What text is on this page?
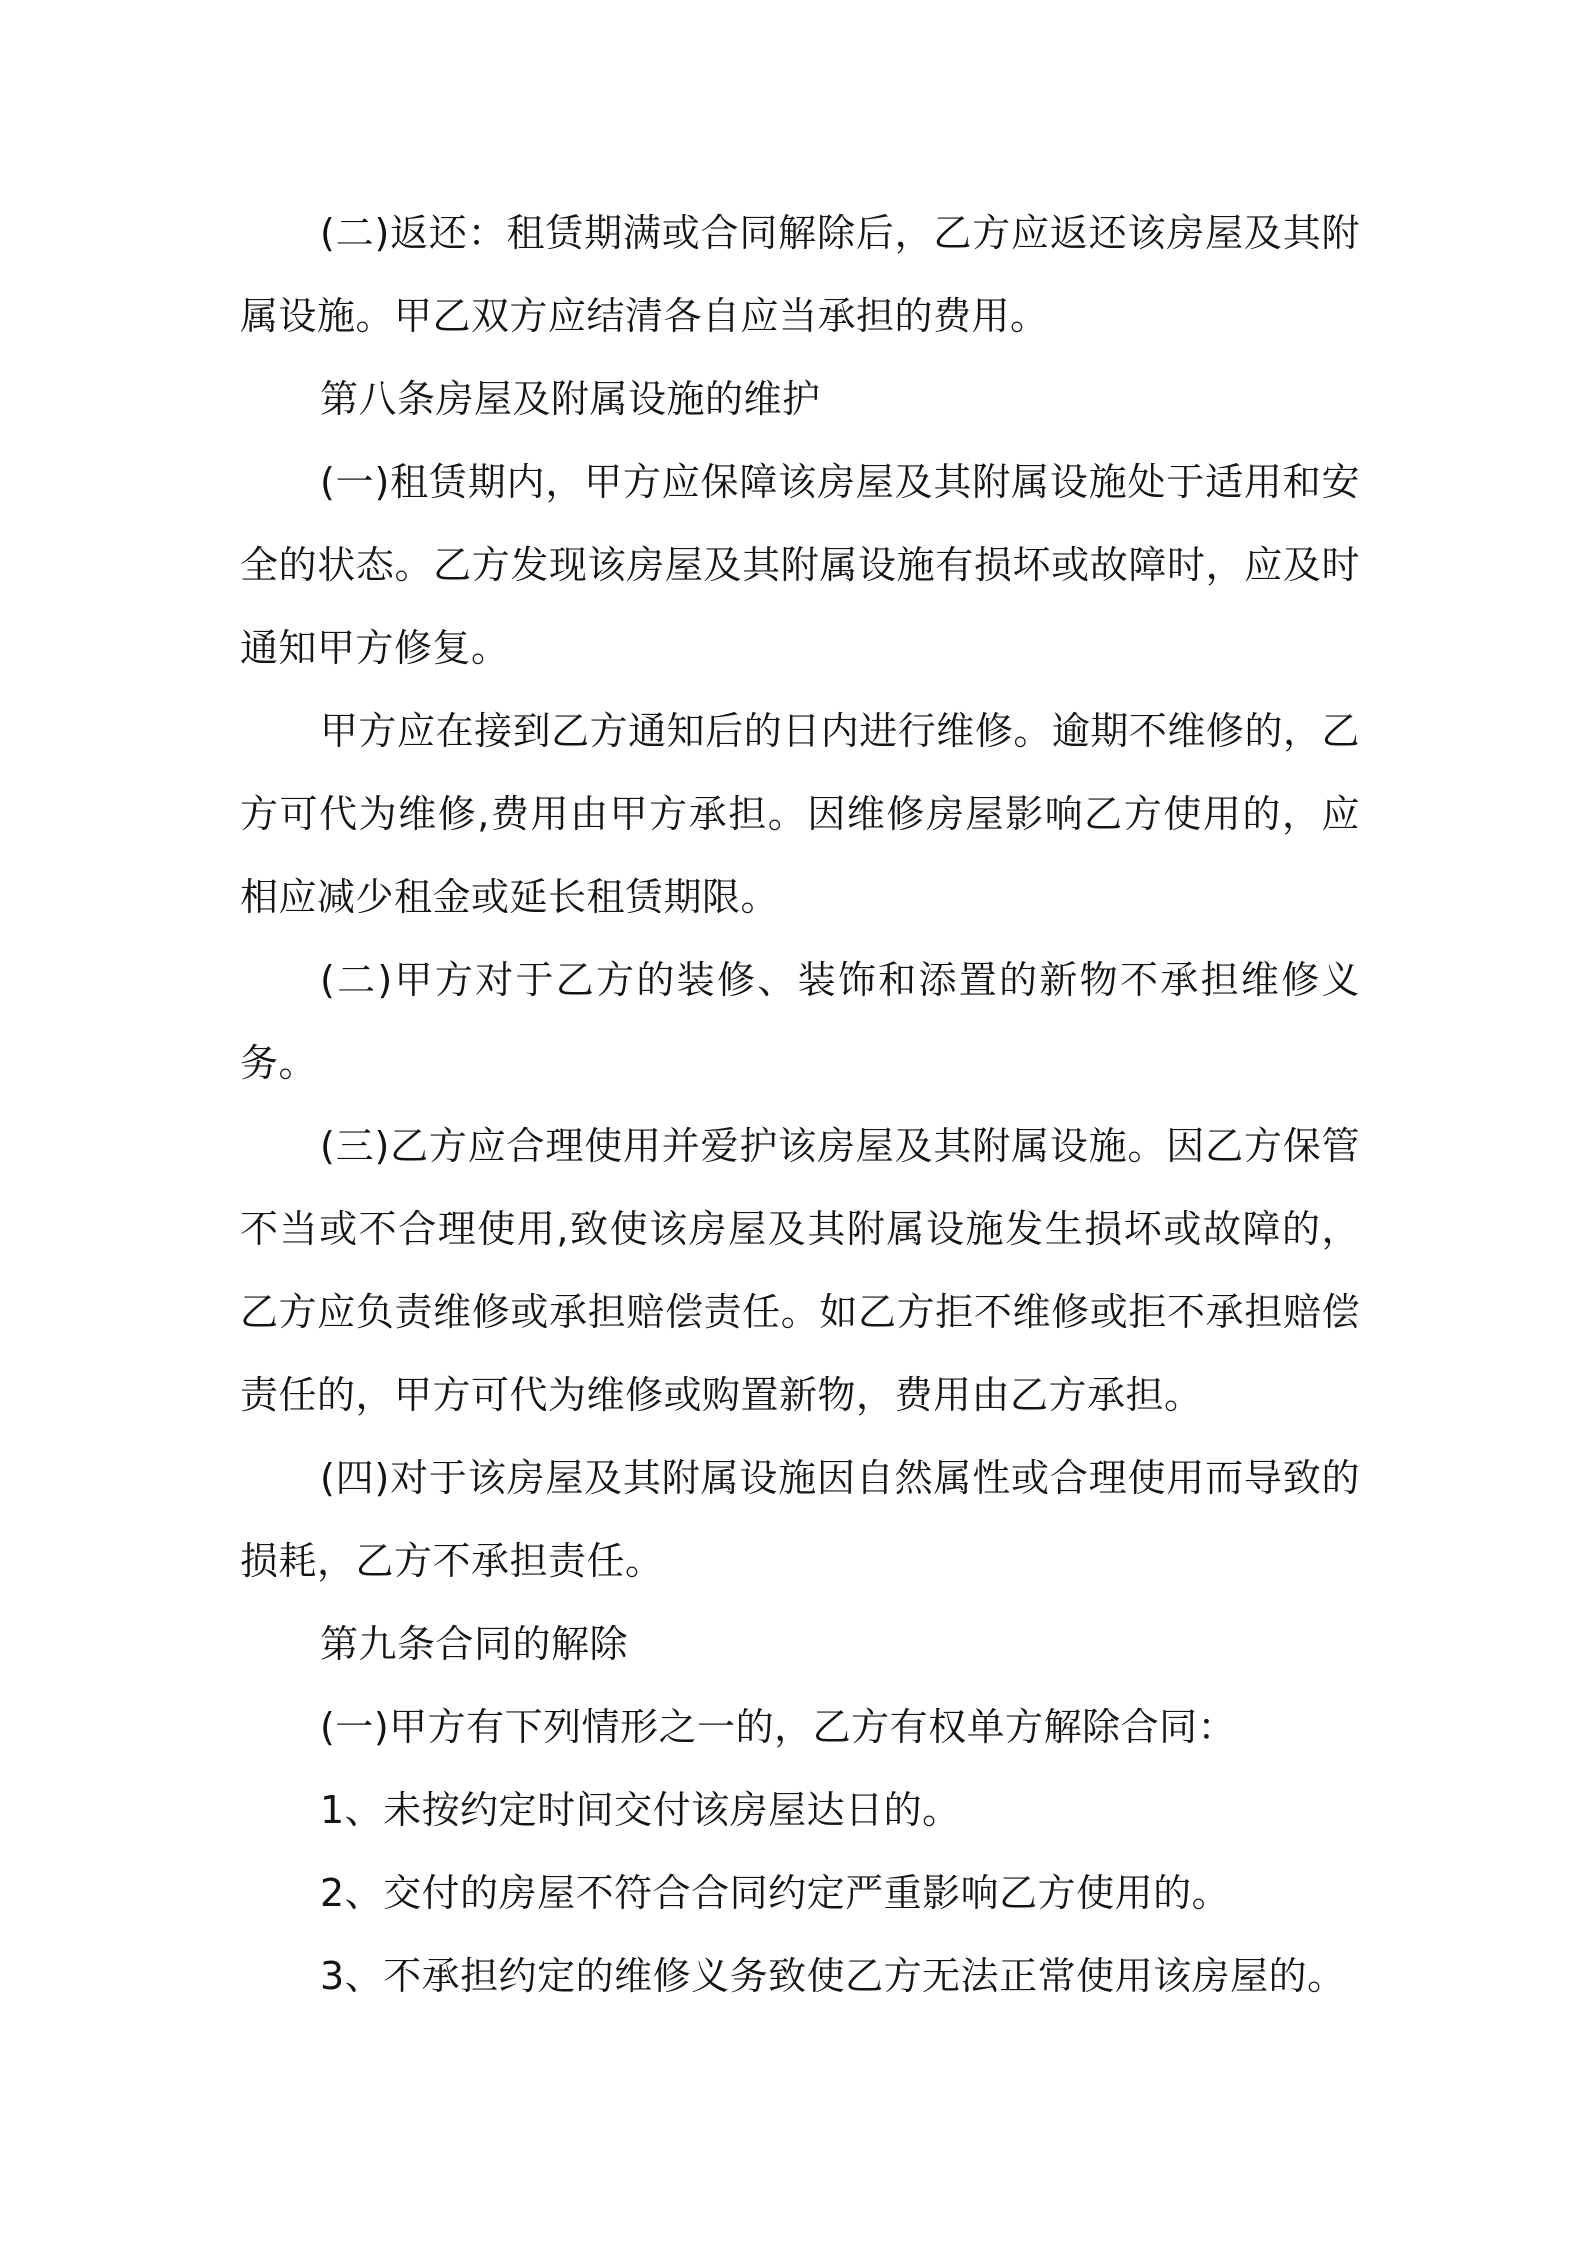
(二)返还：租赁期满或合同解除后，乙方应返还该房屋及其附属设施。甲乙双方应结清各自应当承担的费用。

第八条房屋及附属设施的维护

(一)租赁期内，甲方应保障该房屋及其附属设施处于适用和安全的状态。乙方发现该房屋及其附属设施有损坏或故障时，应及时通知甲方修复。

甲方应在接到乙方通知后的日内进行维修。逾期不维修的，乙方可代为维修,费用由甲方承担。因维修房屋影响乙方使用的，应相应减少租金或延长租赁期限。

(二)甲方对于乙方的装修、装饰和添置的新物不承担维修义务。

(三)乙方应合理使用并爱护该房屋及其附属设施。因乙方保管不当或不合理使用,致使该房屋及其附属设施发生损坏或故障的，乙方应负责维修或承担赔偿责任。如乙方拒不维修或拒不承担赔偿责任的，甲方可代为维修或购置新物，费用由乙方承担。

(四)对于该房屋及其附属设施因自然属性或合理使用而导致的损耗，乙方不承担责任。

第九条合同的解除

(一)甲方有下列情形之一的，乙方有权单方解除合同：

1、未按约定时间交付该房屋达日的。

2、交付的房屋不符合合同约定严重影响乙方使用的。

3、不承担约定的维修义务致使乙方无法正常使用该房屋的。
